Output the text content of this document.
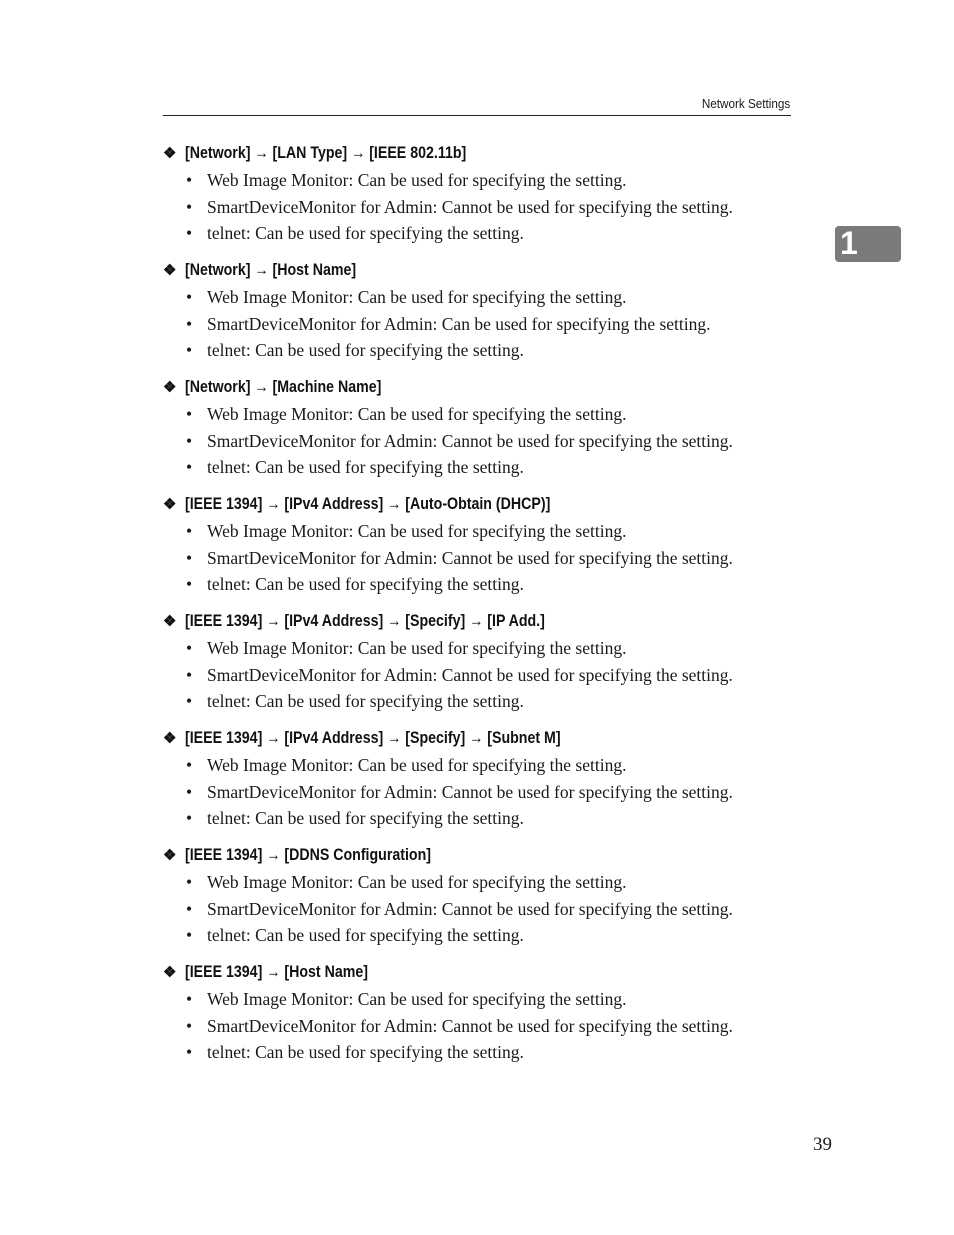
Network Settings
1
❖ [Network] → [LAN Type] → [IEEE 802.11b]
• Web Image Monitor: Can be used for specifying the setting.
• SmartDeviceMonitor for Admin: Cannot be used for specifying the setting.
• telnet: Can be used for specifying the setting.
❖ [Network] → [Host Name]
• Web Image Monitor: Can be used for specifying the setting.
• SmartDeviceMonitor for Admin: Can be used for specifying the setting.
• telnet: Can be used for specifying the setting.
❖ [Network] → [Machine Name]
• Web Image Monitor: Can be used for specifying the setting.
• SmartDeviceMonitor for Admin: Cannot be used for specifying the setting.
• telnet: Can be used for specifying the setting.
❖ [IEEE 1394] → [IPv4 Address] → [Auto-Obtain (DHCP)]
• Web Image Monitor: Can be used for specifying the setting.
• SmartDeviceMonitor for Admin: Cannot be used for specifying the setting.
• telnet: Can be used for specifying the setting.
❖ [IEEE 1394] → [IPv4 Address] → [Specify] → [IP Add.]
• Web Image Monitor: Can be used for specifying the setting.
• SmartDeviceMonitor for Admin: Cannot be used for specifying the setting.
• telnet: Can be used for specifying the setting.
❖ [IEEE 1394] → [IPv4 Address] → [Specify] → [Subnet M]
• Web Image Monitor: Can be used for specifying the setting.
• SmartDeviceMonitor for Admin: Cannot be used for specifying the setting.
• telnet: Can be used for specifying the setting.
❖ [IEEE 1394] → [DDNS Configuration]
• Web Image Monitor: Can be used for specifying the setting.
• SmartDeviceMonitor for Admin: Cannot be used for specifying the setting.
• telnet: Can be used for specifying the setting.
❖ [IEEE 1394] → [Host Name]
• Web Image Monitor: Can be used for specifying the setting.
• SmartDeviceMonitor for Admin: Cannot be used for specifying the setting.
• telnet: Can be used for specifying the setting.
39
